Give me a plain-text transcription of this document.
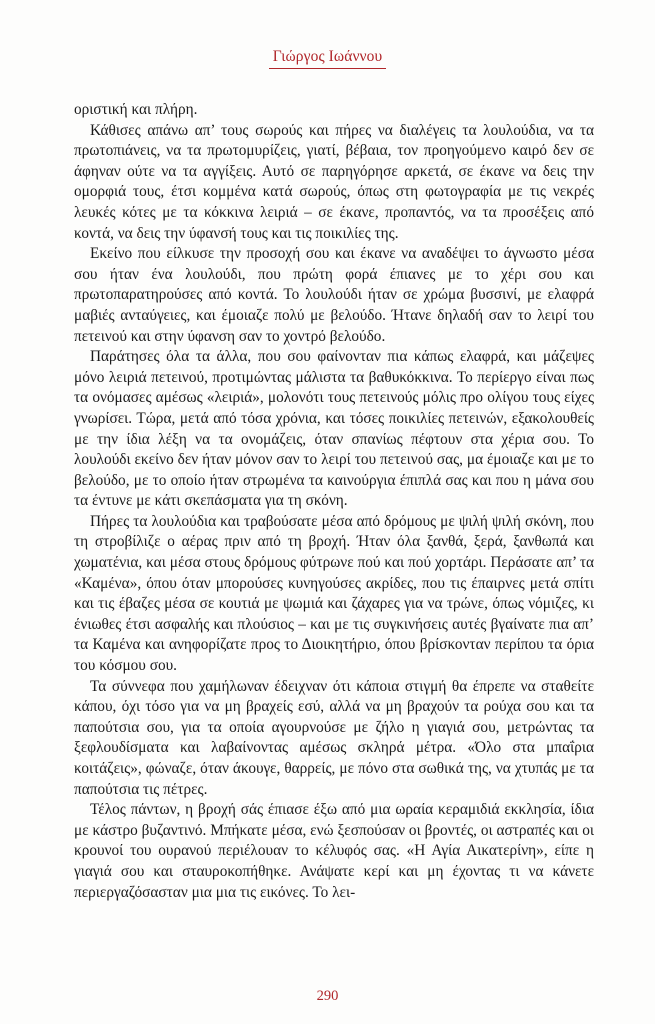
Γιώργος Ιωάννου

οριστική και πλήρη.

Κάθισες απάνω απ’ τους σωρούς και πήρες να διαλέγεις τα λουλούδια, να τα πρωτοπιάνεις, να τα πρωτομυρίζεις, γιατί, βέβαια, τον προηγούμενο καιρό δεν σε άφηναν ούτε να τα αγγίξεις. Αυτό σε παρηγόρησε αρκετά, σε έκανε να δεις την ομορφιά τους, έτσι κομμένα κατά σωρούς, όπως στη φωτογραφία με τις νεκρές λευκές κότες με τα κόκκινα λειριά – σε έκανε, προπαντός, να τα προσέξεις από κοντά, να δεις την ύφανσή τους και τις ποικιλίες της.

Εκείνο που είλκυσε την προσοχή σου και έκανε να αναδέψει το άγνωστο μέσα σου ήταν ένα λουλούδι, που πρώτη φορά έπιανες με το χέρι σου και πρωτοπαρατηρούσες από κοντά. Το λουλούδι ήταν σε χρώμα βυσσινί, με ελαφρά μαβιές ανταύγειες, και έμοιαζε πολύ με βελούδο. Ήτανε δηλαδή σαν το λειρί του πετεινού και στην ύφανση σαν το χοντρό βελούδο.

Παράτησες όλα τα άλλα, που σου φαίνονταν πια κάπως ελαφρά, και μάζεψες μόνο λειριά πετεινού, προτιμώντας μάλιστα τα βαθυκόκκινα. Το περίεργο είναι πως τα ονόμασες αμέσως «λειριά», μολονότι τους πετεινούς μόλις προ ολίγου τους είχες γνωρίσει. Τώρα, μετά από τόσα χρόνια, και τόσες ποικιλίες πετεινών, εξακολουθείς με την ίδια λέξη να τα ονομάζεις, όταν σπανίως πέφτουν στα χέρια σου. Το λουλούδι εκείνο δεν ήταν μόνον σαν το λειρί του πετεινού σας, μα έμοιαζε και με το βελούδο, με το οποίο ήταν στρωμένα τα καινούργια έπιπλά σας και που η μάνα σου τα έντυνε με κάτι σκεπάσματα για τη σκόνη.

Πήρες τα λουλούδια και τραβούσατε μέσα από δρόμους με ψιλή ψιλή σκόνη, που τη στροβίλιζε ο αέρας πριν από τη βροχή. Ήταν όλα ξανθά, ξερά, ξανθωπά και χωματένια, και μέσα στους δρόμους φύτρωνε πού και πού χορτάρι. Περάσατε απ’ τα «Καμένα», όπου όταν μπορούσες κυνηγούσες ακρίδες, που τις έπαιρνες μετά σπίτι και τις έβαζες μέσα σε κουτιά με ψωμιά και ζάχαρες για να τρώνε, όπως νόμιζες, κι ένιωθες έτσι ασφαλής και πλούσιος – και με τις συγκινήσεις αυτές βγαίνατε πια απ’ τα Καμένα και ανηφορίζατε προς το Διοικητήριο, όπου βρίσκονταν περίπου τα όρια του κόσμου σου.

Τα σύννεφα που χαμήλωναν έδειχναν ότι κάποια στιγμή θα έπρεπε να σταθείτε κάπου, όχι τόσο για να μη βραχείς εσύ, αλλά να μη βραχούν τα ρούχα σου και τα παπούτσια σου, για τα οποία αγουρνούσε με ζήλο η γιαγιά σου, μετρώντας τα ξεφλουδίσματα και λαβαίνοντας αμέσως σκληρά μέτρα. «Όλο στα μπαΐρια κοιτάζεις», φώναζε, όταν άκουγε, θαρρείς, με πόνο στα σωθικά της, να χτυπάς με τα παπούτσια τις πέτρες.

Τέλος πάντων, η βροχή σάς έπιασε έξω από μια ωραία κεραμιδιά εκκλησία, ίδια με κάστρο βυζαντινό. Μπήκατε μέσα, ενώ ξεσπούσαν οι βροντές, οι αστραπές και οι κρουνοί του ουρανού περιέλουαν το κέλυφός σας. «Η Αγία Αικατερίνη», είπε η γιαγιά σου και σταυροκοπήθηκε. Ανάψατε κερί και μη έχοντας τι να κάνετε περιεργαζόσασταν μια μια τις εικόνες. Το λει-

290
